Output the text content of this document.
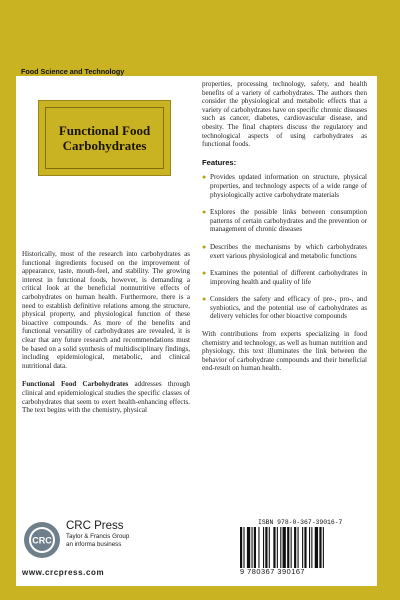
Food Science and Technology
Functional Food
Carbohydrates

Historically, most of the research into carbohydrates as functional ingredients focused on the improvement of appearance, taste, mouth-feel, and stability. The growing interest in functional foods, however, is demanding a critical look at the beneficial nonnutritive effects of carbohydrates on human health. Furthermore, there is a need to establish definitive relations among the structure, physical property, and physiological function of these bioactive compounds. As more of the benefits and functional versatility of carbohydrates are revealed, it is clear that any future research and recommendations must be based on a solid synthesis of multidisciplinary findings, including epidemiological, metabolic, and clinical nutritional data.

Functional Food Carbohydrates addresses through clinical and epidemiological studies the specific classes of carbohydrates that seem to exert health-enhancing effects. The text begins with the chemistry, physical

properties, processing technology, safety, and health benefits of a variety of carbohydrates. The authors then consider the physiological and metabolic effects that a variety of carbohydrates have on specific chronic diseases such as cancer, diabetes, cardiovascular disease, and obesity. The final chapters discuss the regulatory and technological aspects of using carbohydrates as functional foods.

Features:
● Provides updated information on structure, physical properties, and technology aspects of a wide range of physiologically active carbohydrate materials
● Explores the possible links between consumption patterns of certain carbohydrates and the prevention or management of chronic diseases
● Describes the mechanisms by which carbohydrates exert various physiological and metabolic functions
● Examines the potential of different carbohydrates in improving health and quality of life
● Considers the safety and efficacy of pre-, pro-, and synbiotics, and the potential use of carbohydrates as delivery vehicles for other bioactive compounds

With contributions from experts specializing in food chemistry and technology, as well as human nutrition and physiology, this text illuminates the link between the behavior of carbohydrate compounds and their beneficial end-result on human health.

CRC
CRC Press
Taylor & Francis Group
an informa business
www.crcpress.com
ISBN 978-0-367-39016-7
9 780367 390167
